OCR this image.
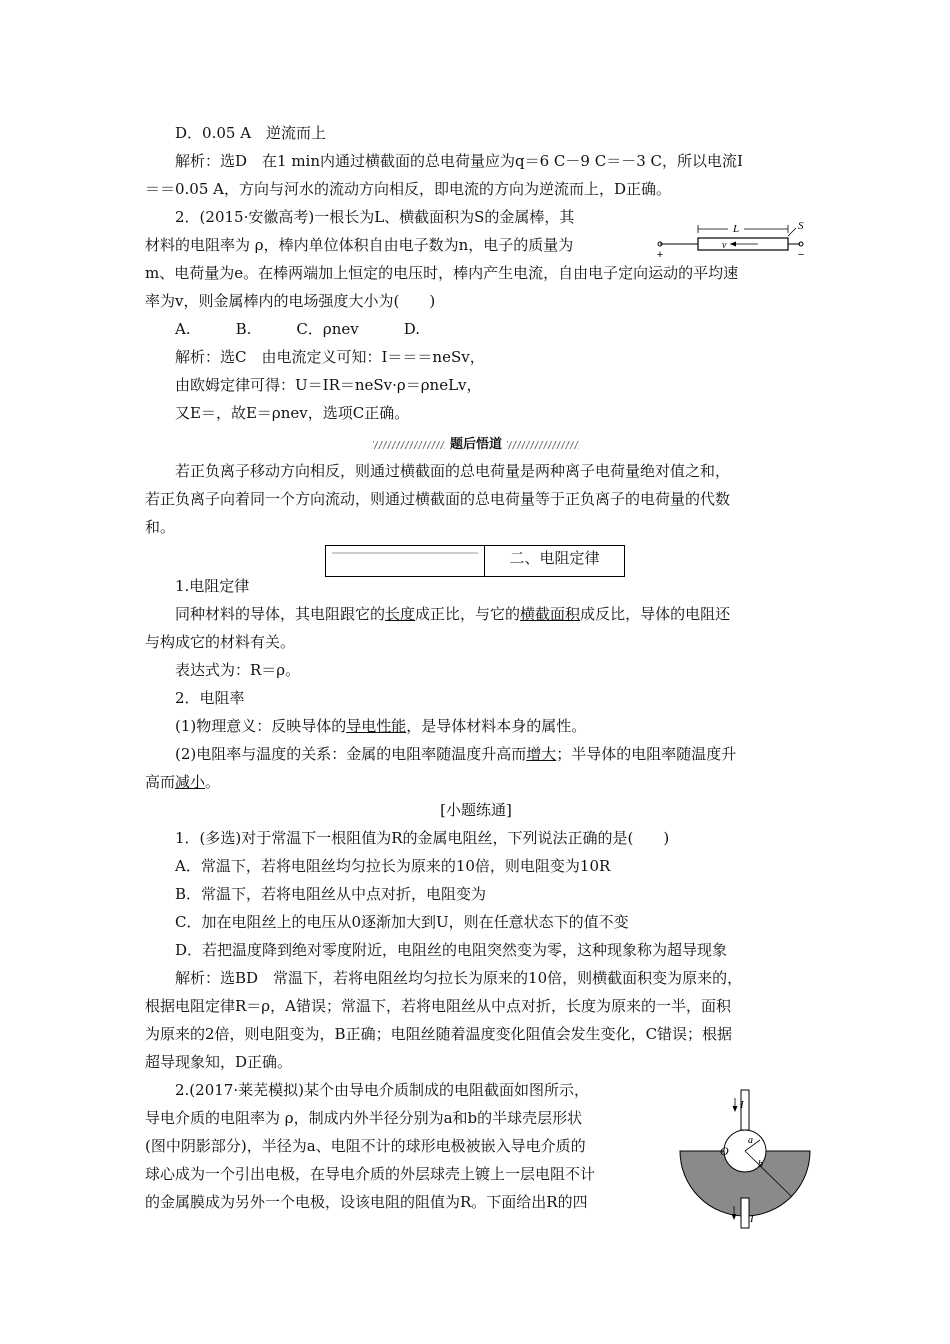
D．0.05 A　逆流而上
解析：选D　在1 min内通过横截面的总电荷量应为q＝6 C－9 C＝－3 C，所以电流I
＝＝0.05 A，方向与河水的流动方向相反，即电流的方向为逆流而上，D正确。
2．(2015·安徽高考)一根长为L、横截面积为S的金属棒，其
材料的电阻率为 ρ，棒内单位体积自由电子数为n，电子的质量为
m、电荷量为e。在棒两端加上恒定的电压时，棒内产生电流，自由电子定向运动的平均速
率为v，则金属棒内的电场强度大小为(　　)
A.　　　B.　　　C．ρnev　　　D.
解析：选C　由电流定义可知：I＝＝＝neSv，
由欧姆定律可得：U＝IR＝neSv·ρ＝ρneLv，
又E＝，故E＝ρnev，选项C正确。
L	S
v
+	−
题后悟道
若正负离子移动方向相反，则通过横截面的总电荷量是两种离子电荷量绝对值之和，
若正负离子向着同一个方向流动，则通过横截面的总电荷量等于正负离子的电荷量的代数
和。
二、电阻定律
1.电阻定律
同种材料的导体，其电阻跟它的长度成正比，与它的横截面积成反比，导体的电阻还
与构成它的材料有关。
表达式为：R＝ρ。
2．电阻率
(1)物理意义：反映导体的导电性能，是导体材料本身的属性。
(2)电阻率与温度的关系：金属的电阻率随温度升高而增大；半导体的电阻率随温度升
高而减小。
[小题练通]
1．(多选)对于常温下一根阻值为R的金属电阻丝，下列说法正确的是(　　)
A．常温下，若将电阻丝均匀拉长为原来的10倍，则电阻变为10R
B．常温下，若将电阻丝从中点对折，电阻变为
C．加在电阻丝上的电压从0逐渐加大到U，则在任意状态下的值不变
D．若把温度降到绝对零度附近，电阻丝的电阻突然变为零，这种现象称为超导现象
解析：选BD　常温下，若将电阻丝均匀拉长为原来的10倍，则横截面积变为原来的，
根据电阻定律R＝ρ，A错误；常温下，若将电阻丝从中点对折，长度为原来的一半，面积
为原来的2倍，则电阻变为，B正确；电阻丝随着温度变化阻值会发生变化，C错误；根据
超导现象知，D正确。
2.(2017·莱芜模拟)某个由导电介质制成的电阻截面如图所示，
导电介质的电阻率为 ρ，制成内外半径分别为a和b的半球壳层形状
(图中阴影部分)，半径为a、电阻不计的球形电极被嵌入导电介质的
球心成为一个引出电极，在导电介质的外层球壳上镀上一层电阻不计
的金属膜成为另外一个电极，设该电阻的阻值为R。下面给出R的四
I
I
O
a
b
